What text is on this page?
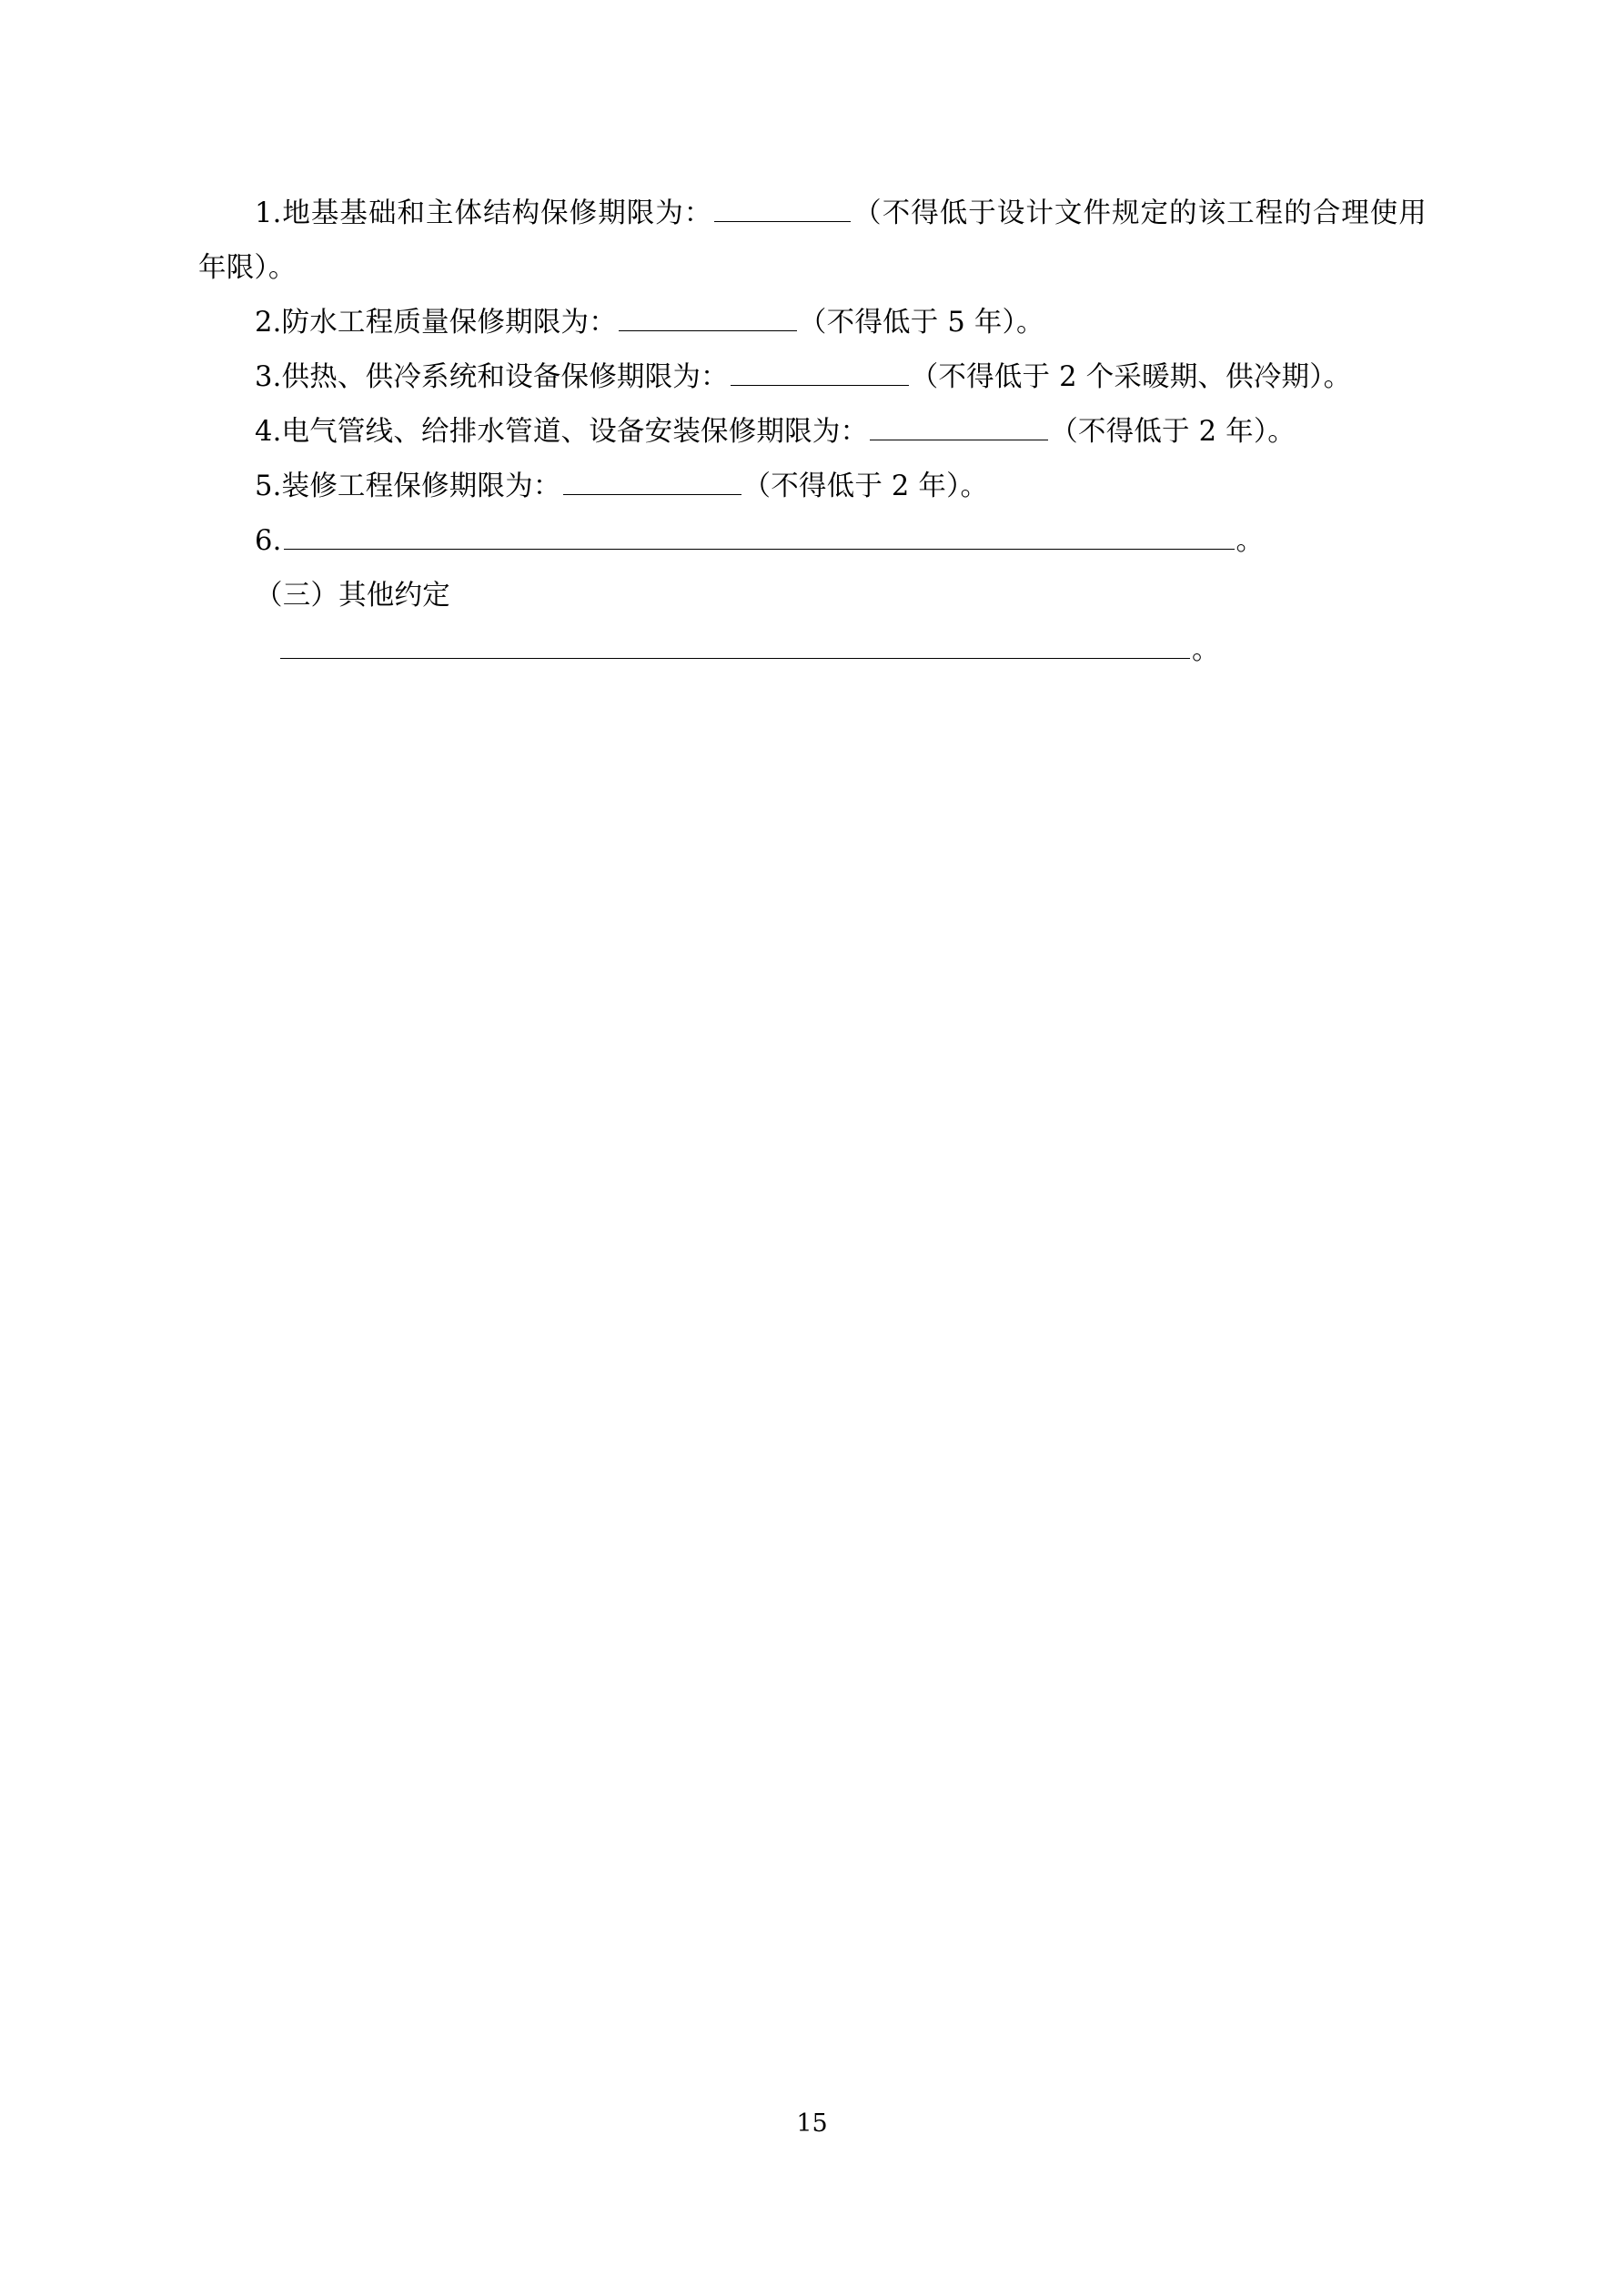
1.地基基础和主体结构保修期限为：	（不得低于设计文件规定的该工程的合理使用年限）。

2.防水工程质量保修期限为：	（不得低于 5 年）。

3.供热、供冷系统和设备保修期限为：	（不得低于 2 个采暖期、供冷期）。

4.电气管线、给排水管道、设备安装保修期限为：	（不得低于 2 年）。

5.装修工程保修期限为：	（不得低于 2 年）。

6.	。

（三）其他约定

。

15
